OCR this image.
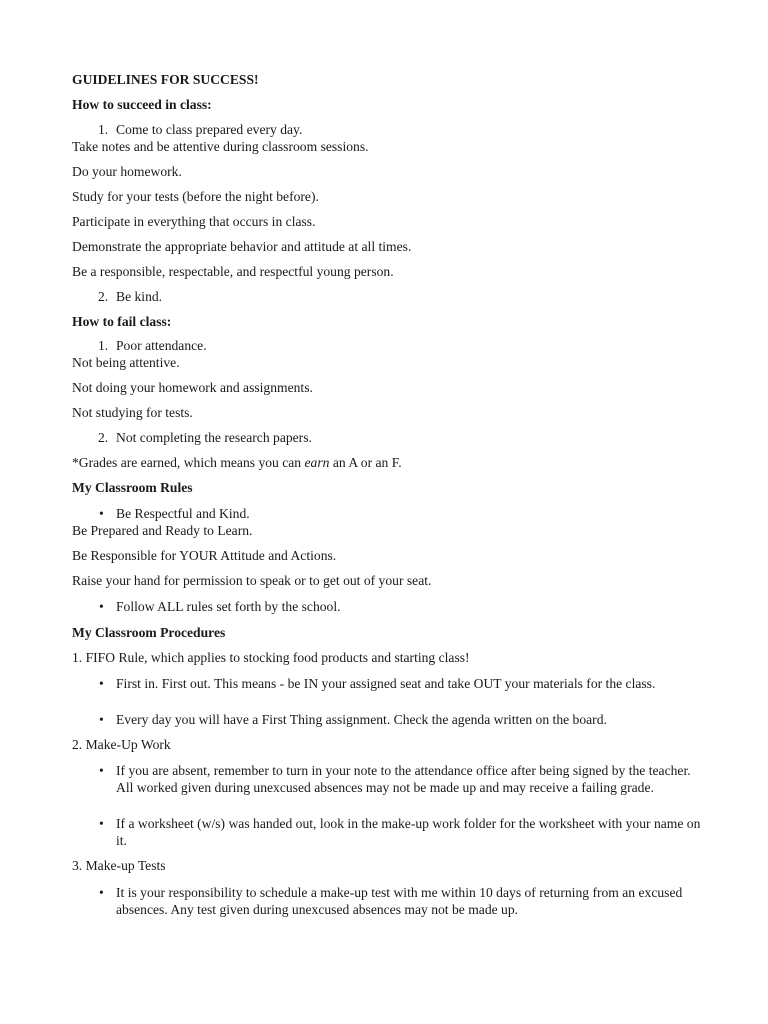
GUIDELINES FOR SUCCESS!
How to succeed in class:
1. Come to class prepared every day.
Take notes and be attentive during classroom sessions.
Do your homework.
Study for your tests (before the night before).
Participate in everything that occurs in class.
Demonstrate the appropriate behavior and attitude at all times.
Be a responsible, respectable, and respectful young person.
2. Be kind.
How to fail class:
1. Poor attendance.
Not being attentive.
Not doing your homework and assignments.
Not studying for tests.
2. Not completing the research papers.
*Grades are earned, which means you can earn an A or an F.
My Classroom Rules
• Be Respectful and Kind.
Be Prepared and Ready to Learn.
Be Responsible for YOUR Attitude and Actions.
Raise your hand for permission to speak or to get out of your seat.
• Follow ALL rules set forth by the school.
My Classroom Procedures
1. FIFO Rule, which applies to stocking food products and starting class!
• First in. First out. This means - be IN your assigned seat and take OUT your materials for the class.
• Every day you will have a First Thing assignment. Check the agenda written on the board.
2. Make-Up Work
• If you are absent, remember to turn in your note to the attendance office after being signed by the teacher. All worked given during unexcused absences may not be made up and may receive a failing grade.
• If a worksheet (w/s) was handed out, look in the make-up work folder for the worksheet with your name on it.
3. Make-up Tests
• It is your responsibility to schedule a make-up test with me within 10 days of returning from an excused absences. Any test given during unexcused absences may not be made up.
